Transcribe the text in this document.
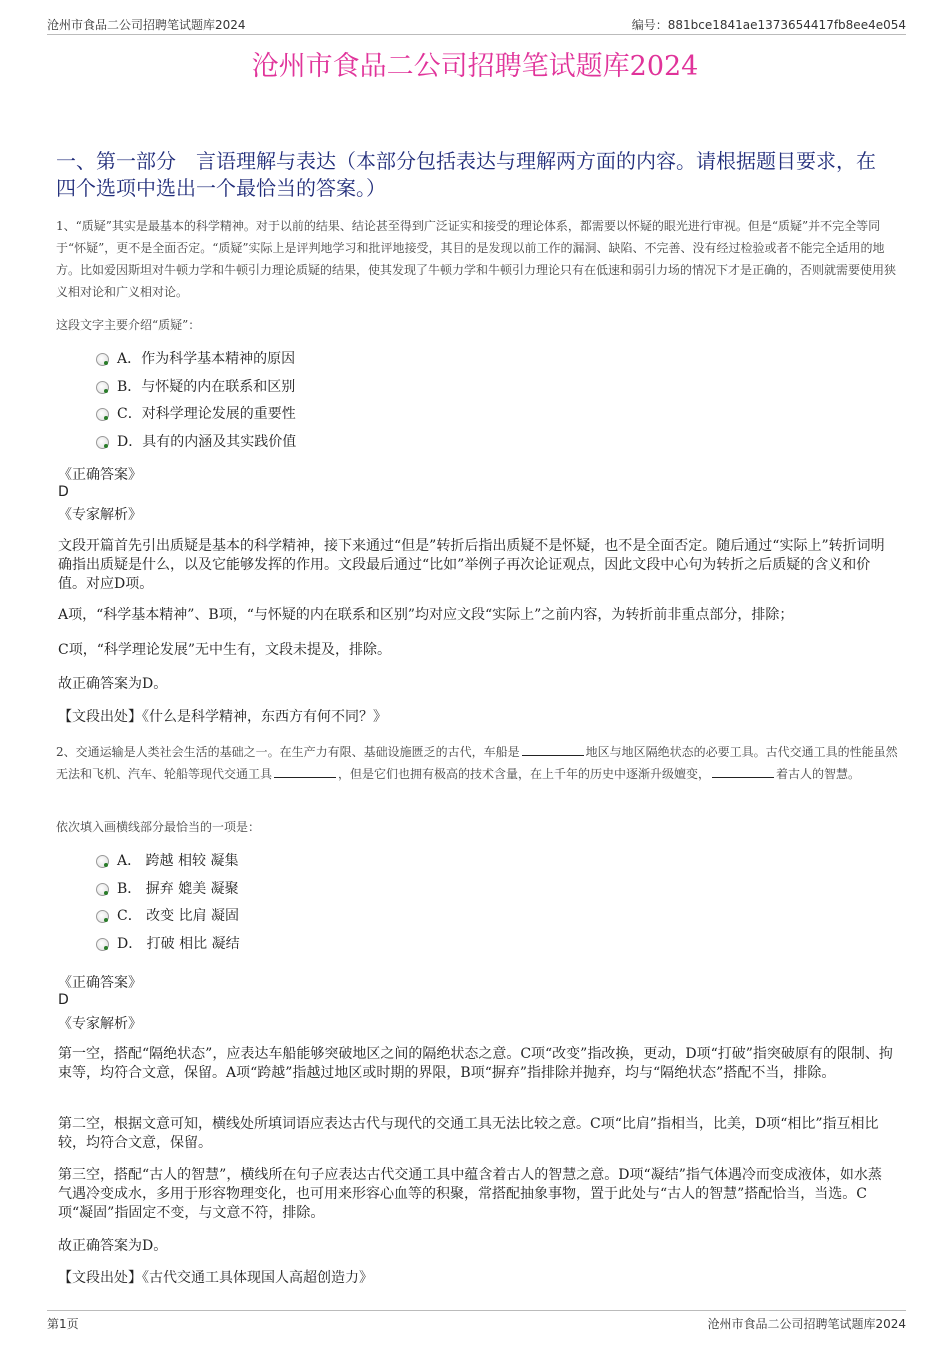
沧州市食品二公司招聘笔试题库2024	编号：881bce1841ae1373654417fb8ee4e054
沧州市食品二公司招聘笔试题库2024
一、第一部分　言语理解与表达（本部分包括表达与理解两方面的内容。请根据题目要求，在四个选项中选出一个最恰当的答案。）
1、“质疑”其实是最基本的科学精神。对于以前的结果、结论甚至得到广泛证实和接受的理论体系，都需要以怀疑的眼光进行审视。但是“质疑”并不完全等同于“怀疑”，更不是全面否定。“质疑”实际上是评判地学习和批评地接受，其目的是发现以前工作的漏洞、缺陷、不完善、没有经过检验或者不能完全适用的地方。比如爱因斯坦对牛顿力学和牛顿引力理论质疑的结果，使其发现了牛顿力学和牛顿引力理论只有在低速和弱引力场的情况下才是正确的，否则就需要使用狭义相对论和广义相对论。
这段文字主要介绍“质疑”：
A．作为科学基本精神的原因
B．与怀疑的内在联系和区别
C．对科学理论发展的重要性
D．具有的内涵及其实践价值
《正确答案》
D
《专家解析》
文段开篇首先引出质疑是基本的科学精神，接下来通过“但是”转折后指出质疑不是怀疑，也不是全面否定。随后通过“实际上”转折词明确指出质疑是什么，以及它能够发挥的作用。文段最后通过“比如”举例子再次论证观点，因此文段中心句为转折之后质疑的含义和价值。对应D项。
A项，“科学基本精神”、B项，“与怀疑的内在联系和区别”均对应文段“实际上”之前内容，为转折前非重点部分，排除；
C项，“科学理论发展”无中生有，文段未提及，排除。
故正确答案为D。
【文段出处】《什么是科学精神，东西方有何不同？》
2、交通运输是人类社会生活的基础之一。在生产力有限、基础设施匮乏的古代，车船是	地区与地区隔绝状态的必要工具。古代交通工具的性能虽然无法和飞机、汽车、轮船等现代交通工具	，但是它们也拥有极高的技术含量，在上千年的历史中逐渐升级嬗变，	着古人的智慧。
依次填入画横线部分最恰当的一项是：
A． 跨越 相较 凝集
B． 摒弃 媲美 凝聚
C． 改变 比肩 凝固
D． 打破 相比 凝结
《正确答案》
D
《专家解析》
第一空，搭配“隔绝状态”，应表达车船能够突破地区之间的隔绝状态之意。C项“改变”指改换，更动，D项“打破”指突破原有的限制、拘束等，均符合文意，保留。A项“跨越”指越过地区或时期的界限，B项“摒弃”指排除并抛弃，均与“隔绝状态”搭配不当，排除。
第二空，根据文意可知，横线处所填词语应表达古代与现代的交通工具无法比较之意。C项“比肩”指相当，比美，D项“相比”指互相比较，均符合文意，保留。
第三空，搭配“古人的智慧”，横线所在句子应表达古代交通工具中蕴含着古人的智慧之意。D项“凝结”指气体遇冷而变成液体，如水蒸气遇冷变成水，多用于形容物理变化，也可用来形容心血等的积聚，常搭配抽象事物，置于此处与“古人的智慧”搭配恰当，当选。C项“凝固”指固定不变，与文意不符，排除。
故正确答案为D。
【文段出处】《古代交通工具体现国人高超创造力》
第1页	沧州市食品二公司招聘笔试题库2024
